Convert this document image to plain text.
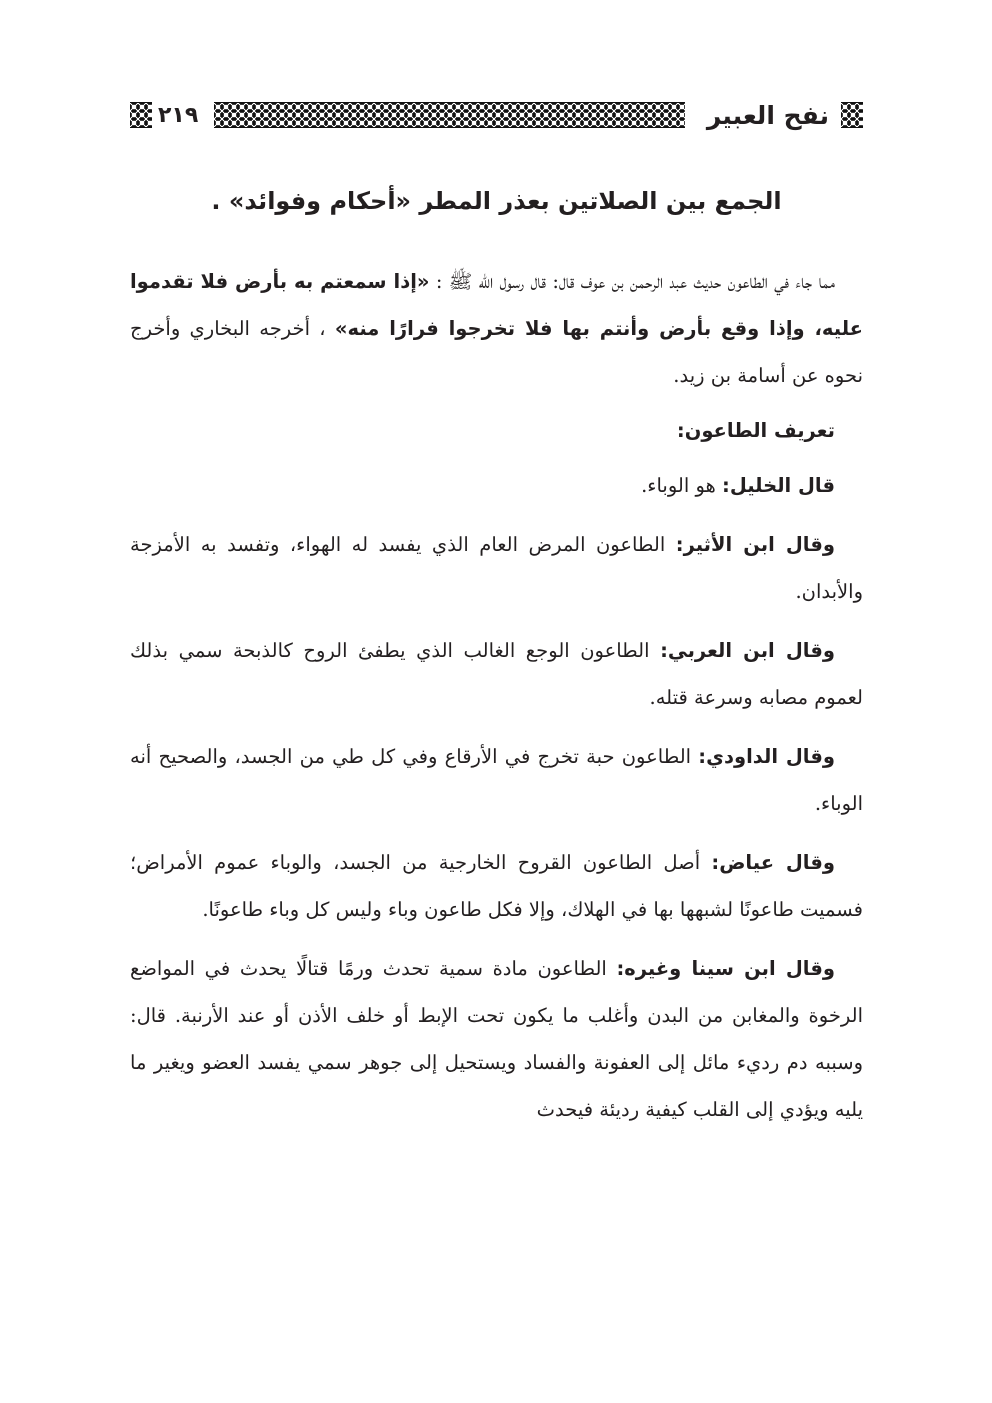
نفح العبير
٢١٩
الجمع بين الصلاتين بعذر المطر «أحكام وفوائد» .

مما جاء في الطاعون حديث عبد الرحمن بن عوف قال: قال رسول الله ﷺ : «إذا سمعتم به بأرض فلا تقدموا عليه، وإذا وقع بأرض وأنتم بها فلا تخرجوا فرارًا منه» ، أخرجه البخاري وأخرج نحوه عن أسامة بن زيد.

تعريف الطاعون:

قال الخليل: هو الوباء.

وقال ابن الأثير: الطاعون المرض العام الذي يفسد له الهواء، وتفسد به الأمزجة والأبدان.

وقال ابن العربي: الطاعون الوجع الغالب الذي يطفئ الروح كالذبحة سمي بذلك لعموم مصابه وسرعة قتله.

وقال الداودي: الطاعون حبة تخرج في الأرقاع وفي كل طي من الجسد، والصحيح أنه الوباء.

وقال عياض: أصل الطاعون القروح الخارجية من الجسد، والوباء عموم الأمراض؛ فسميت طاعونًا لشبهها بها في الهلاك، وإلا فكل طاعون وباء وليس كل وباء طاعونًا.

وقال ابن سينا وغيره: الطاعون مادة سمية تحدث ورمًا قتالًا يحدث في المواضع الرخوة والمغابن من البدن وأغلب ما يكون تحت الإبط أو خلف الأذن أو عند الأرنبة. قال: وسببه دم رديء مائل إلى العفونة والفساد ويستحيل إلى جوهر سمي يفسد العضو ويغير ما يليه ويؤدي إلى القلب كيفية رديئة فيحدث
